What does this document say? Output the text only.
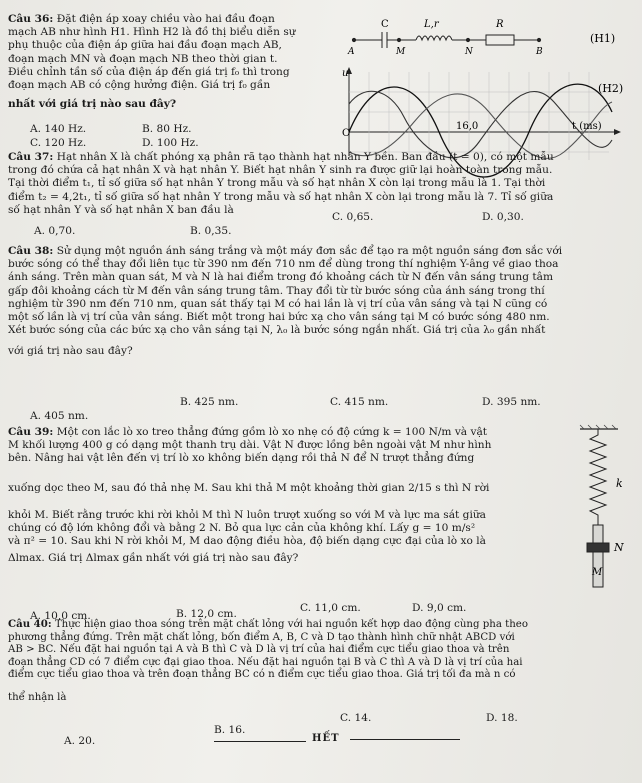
Câu 36: Đặt điện áp xoay chiều vào hai đầu đoạn

mạch AB như hình H1. Hình H2 là đồ thị biểu diễn sự

phụ thuộc của điện áp giữa hai đầu đoạn mạch AB,

đoạn mạch MN và đoạn mạch NB theo thời gian t.

Điều chỉnh tần số của điện áp đến giá trị f₀ thì trong

đoạn mạch AB có cộng hưởng điện. Giá trị f₀ gần

nhất với giá trị nào sau đây?

A. 140 Hz.	B. 80 Hz.
C. 120 Hz.	D. 100 Hz.
C	L,r	R
A	M	N	B
(H1)
u
O
16,0	t (ms)
(H2)

Câu 37: Hạt nhân X là chất phóng xạ phân rã tạo thành hạt nhân Y bền. Ban đầu (t = 0), có một mẫu

trong đó chứa cả hạt nhân X và hạt nhân Y. Biết hạt nhân Y sinh ra được giữ lại hoàn toàn trong mẫu.

Tại thời điểm t₁, tỉ số giữa số hạt nhân Y trong mẫu và số hạt nhân X còn lại trong mẫu là 1. Tại thời

điểm t₂ = 4,2t₁, tỉ số giữa số hạt nhân Y trong mẫu và số hạt nhân X còn lại trong mẫu là 7. Tỉ số giữa

số hạt nhân Y và số hạt nhân X ban đầu là

A. 0,70.	B. 0,35.
C. 0,65.	D. 0,30.

Câu 38: Sử dụng một nguồn ánh sáng trắng và một máy đơn sắc để tạo ra một nguồn sáng đơn sắc với

bước sóng có thể thay đổi liên tục từ 390 nm đến 710 nm để dùng trong thí nghiệm Y-âng về giao thoa

ánh sáng. Trên màn quan sát, M và N là hai điểm trong đó khoảng cách từ N đến vân sáng trung tâm

gấp đôi khoảng cách từ M đến vân sáng trung tâm. Thay đổi từ từ bước sóng của ánh sáng trong thí

nghiệm từ 390 nm đến 710 nm, quan sát thấy tại M có hai lần là vị trí của vân sáng và tại N cũng có

một số lần là vị trí của vân sáng. Biết một trong hai bức xạ cho vân sáng tại M có bước sóng 480 nm.

Xét bước sóng của các bức xạ cho vân sáng tại N, λ₀ là bước sóng ngắn nhất. Giá trị của λ₀ gần nhất

với giá trị nào sau đây?

A. 405 nm.
B. 425 nm.	C. 415 nm.	D. 395 nm.

Câu 39: Một con lắc lò xo treo thẳng đứng gồm lò xo nhẹ có độ cứng k = 100 N/m và vật

M khối lượng 400 g có dạng một thanh trụ dài. Vật N được lồng bên ngoài vật M như hình

bên. Nâng hai vật lên đến vị trí lò xo không biến dạng rồi thả N để N trượt thẳng đứng

xuống dọc theo M, sau đó thả nhẹ M. Sau khi thả M một khoảng thời gian 2/15 s thì N rời

khỏi M. Biết rằng trước khi rời khỏi M thì N luôn trượt xuống so với M và lực ma sát giữa

chúng có độ lớn không đổi và bằng 2 N. Bỏ qua lực cản của không khí. Lấy g = 10 m/s²

và π² = 10. Sau khi N rời khỏi M, M dao động điều hòa, độ biến dạng cực đại của lò xo là

Δlmax. Giá trị Δlmax gần nhất với giá trị nào sau đây?

A. 10,0 cm.	B. 12,0 cm.	C. 11,0 cm.	D. 9,0 cm.
k
N
M

Câu 40: Thực hiện giao thoa sóng trên mặt chất lỏng với hai nguồn kết hợp dao động cùng pha theo

phương thẳng đứng. Trên mặt chất lỏng, bốn điểm A, B, C và D tạo thành hình chữ nhật ABCD với

AB > BC. Nếu đặt hai nguồn tại A và B thì C và D là vị trí của hai điểm cực tiểu giao thoa và trên

đoạn thẳng CD có 7 điểm cực đại giao thoa. Nếu đặt hai nguồn tại B và C thì A và D là vị trí của hai

điểm cực tiểu giao thoa và trên đoạn thẳng BC có n điểm cực tiểu giao thoa. Giá trị tối đa mà n có

thể nhận là

A. 20.
B. 16.
C. 14.	D. 18.
HẾT
